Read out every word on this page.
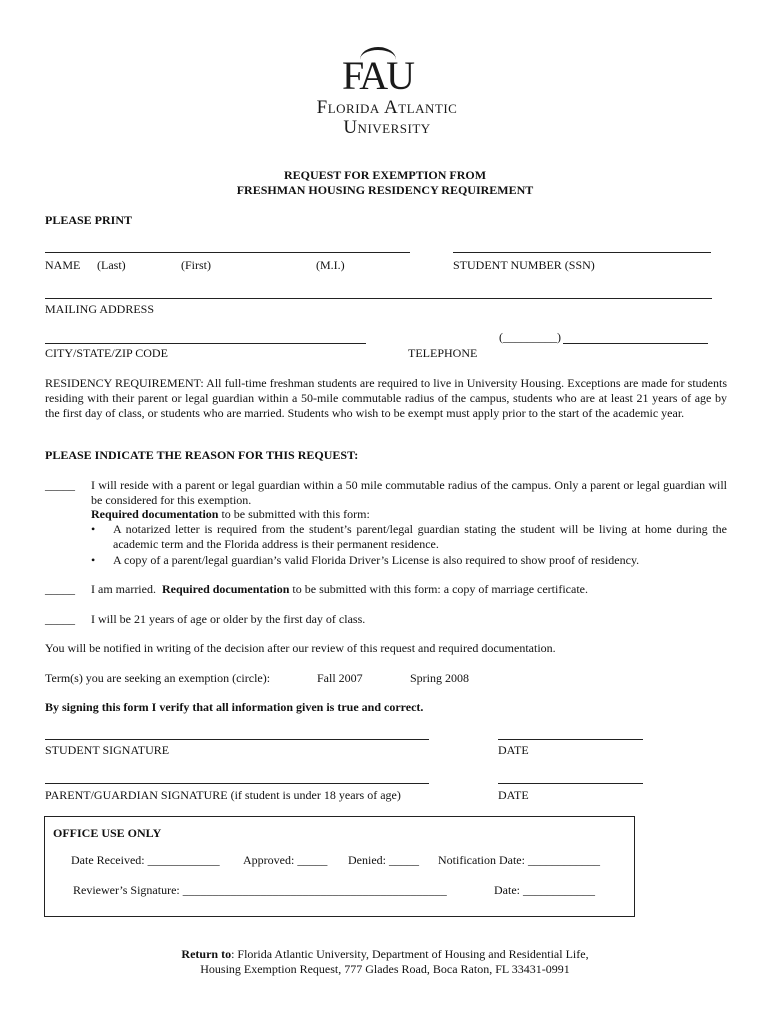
FAU
Florida Atlantic
University
REQUEST FOR EXEMPTION FROM
FRESHMAN HOUSING RESIDENCY REQUIREMENT
PLEASE PRINT
NAME (Last)	(First)	(M.I.)	STUDENT NUMBER (SSN)
MAILING ADDRESS
(_________)
CITY/STATE/ZIP CODE	TELEPHONE
RESIDENCY REQUIREMENT: All full-time freshman students are required to live in University Housing. Exceptions are made for students residing with their parent or legal guardian within a 50-mile commutable radius of the campus, students who are at least 21 years of age by the first day of class, or students who are married. Students who wish to be exempt must apply prior to the start of the academic year.
PLEASE INDICATE THE REASON FOR THIS REQUEST:
_____ I will reside with a parent or legal guardian within a 50 mile commutable radius of the campus. Only a parent or legal guardian will be considered for this exemption.
Required documentation to be submitted with this form:
• A notarized letter is required from the student’s parent/legal guardian stating the student will be living at home during the academic term and the Florida address is their permanent residence.
• A copy of a parent/legal guardian’s valid Florida Driver’s License is also required to show proof of residency.
_____ I am married.  Required documentation to be submitted with this form: a copy of marriage certificate.
_____ I will be 21 years of age or older by the first day of class.
You will be notified in writing of the decision after our review of this request and required documentation.
Term(s) you are seeking an exemption (circle):	Fall 2007	Spring 2008
By signing this form I verify that all information given is true and correct.
STUDENT SIGNATURE	DATE
PARENT/GUARDIAN SIGNATURE (if student is under 18 years of age)	DATE
OFFICE USE ONLY
Date Received: ____________ Approved: _____ Denied: _____ Notification Date: ____________
Reviewer’s Signature: ____________________________________________	Date: ____________
Return to: Florida Atlantic University, Department of Housing and Residential Life,
Housing Exemption Request, 777 Glades Road, Boca Raton, FL 33431-0991
